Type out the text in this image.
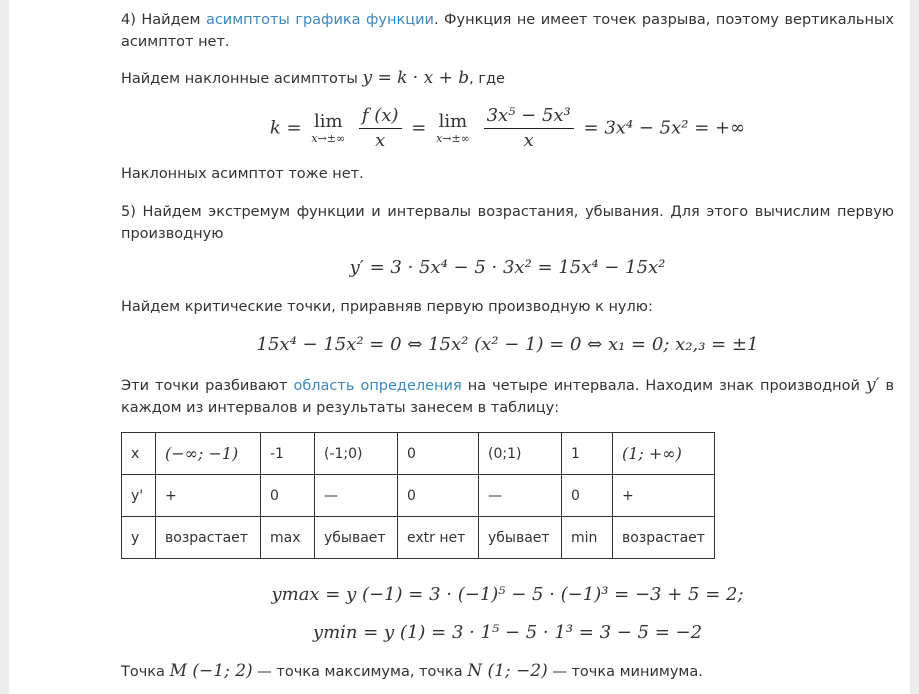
4) Найдем асимптоты графика функции. Функция не имеет точек разрыва, поэтому вертикальных асимптот нет.

Найдем наклонные асимптоты y = k · x + b, где

k = lim
x→±∞
$\frac{f (x)}{x} = \lim$
x→±∞
$\frac{\text{3x⁵ − 5x³}}{x} = 3x^4 - 5x^2$ = +∞

Наклонных асимптот тоже нет.

5) Найдем экстремум функции и интервалы возрастания, убывания. Для этого вычислим первую производную

y′ = 3 · 5x⁴ − 5 · 3x² = 15x⁴ − 15x²

Найдем критические точки, приравняв первую производную к нулю:

15x⁴ − 15x² = 0 ⇔ 15x² (x² − 1) = 0 ⇔ x₁ = 0; x₂,₃ = ±1

Эти точки разбивают область определения на четыре интервала. Находим знак производной y′ в каждом из интервалов и результаты занесем в таблицу:

x	(−∞; −1)	-1	(-1;0)	0	(0;1)	1	(1; +∞)
y'	+	0	—	0	—	0	+
y	возрастает	max	убывает	extr нет	убывает	min	возрастает
ymax = y (−1) = 3 · (−1)⁵ − 5 · (−1)³ = −3 + 5 = 2;
ymin = y (1) = 3 · 1⁵ − 5 · 1³ = 3 − 5 = −2

Точка M (−1; 2) — точка максимума, точка N (1; −2) — точка минимума.
